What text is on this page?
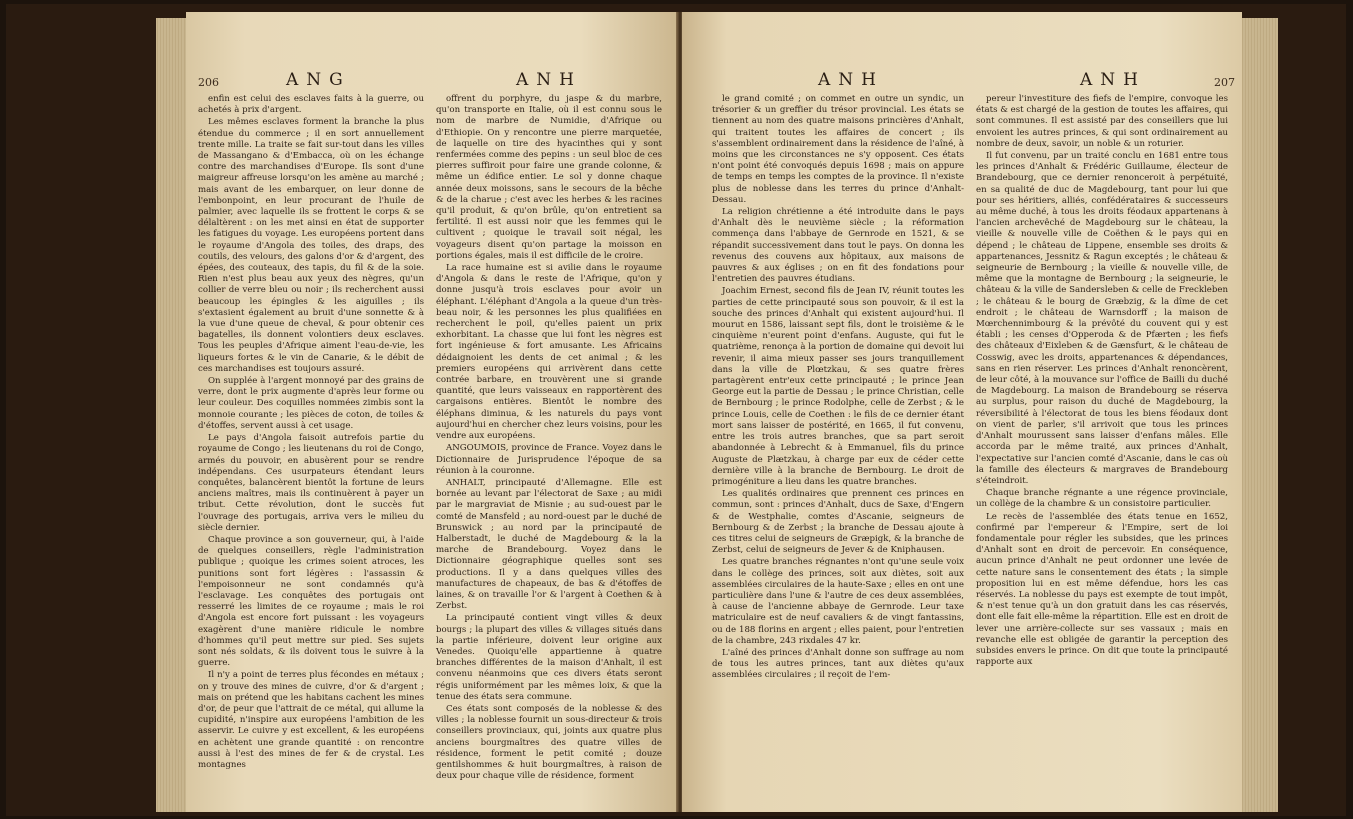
206	ANG	ANH

enfin est celui des esclaves faits à la guerre, ou achetés à prix d'argent.

Les mêmes esclaves forment la branche la plus étendue du commerce ; il en sort annuellement trente mille. La traite se fait sur-tout dans les villes de Massangano & d'Embacca, où on les échange contre des marchandises d'Europe. Ils sont d'une maigreur affreuse lorsqu'on les amène au marché ; mais avant de les embarquer, on leur donne de l'embonpoint, en leur procurant de l'huile de palmier, avec laquelle ils se frottent le corps & se délaltèrent : on les met ainsi en état de supporter les fatigues du voyage. Les européens portent dans le royaume d'Angola des toiles, des draps, des coutils, des velours, des galons d'or & d'argent, des épées, des couteaux, des tapis, du fil & de la soie. Rien n'est plus beau aux yeux des nègres, qu'un collier de verre bleu ou noir ; ils recherchent aussi beaucoup les épingles & les aiguilles ; ils s'extasient également au bruit d'une sonnette & à la vue d'une queue de cheval, & pour obtenir ces bagatelles, ils donnent volontiers deux esclaves. Tous les peuples d'Afrique aiment l'eau-de-vie, les liqueurs fortes & le vin de Canarie, & le débit de ces marchandises est toujours assuré.

On supplée à l'argent monnoyé par des grains de verre, dont le prix augmente d'après leur forme ou leur couleur. Des coquilles nommées zimbis sont la monnoie courante ; les pièces de coton, de toiles & d'étoffes, servent aussi à cet usage.

Le pays d'Angola faisoit autrefois partie du royaume de Congo ; les lieutenans du roi de Congo, armés du pouvoir, en abusèrent pour se rendre indépendans. Ces usurpateurs étendant leurs conquêtes, balancèrent bientôt la fortune de leurs anciens maîtres, mais ils continuèrent à payer un tribut. Cette révolution, dont le succès fut l'ouvrage des portugais, arriva vers le milieu du siècle dernier.

Chaque province a son gouverneur, qui, à l'aide de quelques conseillers, règle l'administration publique ; quoique les crimes soient atroces, les punitions sont fort légères : l'assassin & l'empoisonneur ne sont condamnés qu'à l'esclavage. Les conquêtes des portugais ont resserré les limites de ce royaume ; mais le roi d'Angola est encore fort puissant : les voyageurs exagèrent d'une manière ridicule le nombre d'hommes qu'il peut mettre sur pied. Ses sujets sont nés soldats, & ils doivent tous le suivre à la guerre.

Il n'y a point de terres plus fécondes en métaux ; on y trouve des mines de cuivre, d'or & d'argent ; mais on prétend que les habitans cachent les mines d'or, de peur que l'attrait de ce métal, qui allume la cupidité, n'inspire aux européens l'ambition de les asservir. Le cuivre y est excellent, & les européens en achètent une grande quantité : on rencontre aussi à l'est des mines de fer & de crystal. Les montagnes

offrent du porphyre, du jaspe & du marbre, qu'on transporte en Italie, où il est connu sous le nom de marbre de Numidie, d'Afrique ou d'Ethiopie. On y rencontre une pierre marquetée, de laquelle on tire des hyacinthes qui y sont renfermées comme des pepins : un seul bloc de ces pierres suffiroit pour faire une grande colonne, & même un édifice entier. Le sol y donne chaque année deux moissons, sans le secours de la bêche & de la charue ; c'est avec les herbes & les racines qu'il produit, & qu'on brûle, qu'on entretient sa fertilité. Il est aussi noir que les femmes qui le cultivent ; quoique le travail soit négal, les voyageurs disent qu'on partage la moisson en portions égales, mais il est difficile de le croire.

La race humaine est si avilie dans le royaume d'Angola & dans le reste de l'Afrique, qu'on y donne jusqu'à trois esclaves pour avoir un éléphant. L'éléphant d'Angola a la queue d'un très-beau noir, & les personnes les plus qualifiées en recherchent le poil, qu'elles paient un prix exhorbitant. La chasse que lui font les nègres est fort ingénieuse & fort amusante. Les Africains dédaignoient les dents de cet animal ; & les premiers européens qui arrivèrent dans cette contrée barbare, en trouvèrent une si grande quantité, que leurs vaisseaux en rapportèrent des cargaisons entières. Bientôt le nombre des éléphans diminua, & les naturels du pays vont aujourd'hui en chercher chez leurs voisins, pour les vendre aux européens.

ANGOUMOIS, province de France. Voyez dans le Dictionnaire de Jurisprudence l'époque de sa réunion à la couronne.

ANHALT, principauté d'Allemagne. Elle est bornée au levant par l'électorat de Saxe ; au midi par le margraviat de Misnie ; au sud-ouest par le comté de Mansfeld ; au nord-ouest par le duché de Brunswick ; au nord par la principauté de Halberstadt, le duché de Magdebourg & la la marche de Brandebourg. Voyez dans le Dictionnaire géographique quelles sont ses productions. Il y a dans quelques villes des manufactures de chapeaux, de bas & d'étoffes de laines, & on travaille l'or & l'argent à Coethen & à Zerbst.

La principauté contient vingt villes & deux bourgs ; la plupart des villes & villages situés dans la partie inférieure, doivent leur origine aux Venedes. Quoiqu'elle appartienne à quatre branches différentes de la maison d'Anhalt, il est convenu néanmoins que ces divers états seront régis uniformément par les mêmes loix, & que la tenue des états sera commune.

Ces états sont composés de la noblesse & des villes ; la noblesse fournit un sous-directeur & trois conseillers provinciaux, qui, joints aux quatre plus anciens bourgmaîtres des quatre villes de résidence, forment le petit comité ; douze gentilshommes & huit bourgmaîtres, à raison de deux pour chaque ville de résidence, forment

ANH	ANH	207

le grand comité ; on commet en outre un syndic, un trésorier & un greffier du trésor provincial. Les états se tiennent au nom des quatre maisons princières d'Anhalt, qui traitent toutes les affaires de concert ; ils s'assemblent ordinairement dans la résidence de l'aîné, à moins que les circonstances ne s'y opposent. Ces états n'ont point été convoqués depuis 1698 ; mais on appure de temps en temps les comptes de la province. Il n'existe plus de noblesse dans les terres du prince d'Anhalt-Dessau.

La religion chrétienne a été introduite dans le pays d'Anhalt dès le neuvième siècle ; la réformation commença dans l'abbaye de Gernrode en 1521, & se répandit successivement dans tout le pays. On donna les revenus des couvens aux hôpitaux, aux maisons de pauvres & aux églises ; on en fit des fondations pour l'entretien des pauvres étudians.

Joachim Ernest, second fils de Jean IV, réunit toutes les parties de cette principauté sous son pouvoir, & il est la souche des princes d'Anhalt qui existent aujourd'hui. Il mourut en 1586, laissant sept fils, dont le troisième & le cinquième n'eurent point d'enfans. Auguste, qui fut le quatrième, renonça à la portion de domaine qui devoit lui revenir, il aima mieux passer ses jours tranquillement dans la ville de Plœtzkau, & ses quatre frères partagèrent entr'eux cette principauté ; le prince Jean George eut la partie de Dessau ; le prince Christian, celle de Bernbourg ; le prince Rodolphe, celle de Zerbst ; & le prince Louis, celle de Coethen : le fils de ce dernier étant mort sans laisser de postérité, en 1665, il fut convenu, entre les trois autres branches, que sa part seroit abandonnée à Lebrecht & à Emmanuel, fils du prince Auguste de Plætzkau, à charge par eux de céder cette dernière ville à la branche de Bernbourg. Le droit de primogéniture a lieu dans les quatre branches.

Les qualités ordinaires que prennent ces princes en commun, sont : princes d'Anhalt, ducs de Saxe, d'Engern & de Westphalie, comtes d'Ascanie, seigneurs de Bernbourg & de Zerbst ; la branche de Dessau ajoute à ces titres celui de seigneurs de Græpigk, & la branche de Zerbst, celui de seigneurs de Jever & de Kniphausen.

Les quatre branches régnantes n'ont qu'une seule voix dans le collège des princes, soit aux diètes, soit aux assemblées circulaires de la haute-Saxe ; elles en ont une particulière dans l'une & l'autre de ces deux assemblées, à cause de l'ancienne abbaye de Gernrode. Leur taxe matriculaire est de neuf cavaliers & de vingt fantassins, ou de 188 florins en argent ; elles paient, pour l'entretien de la chambre, 243 rixdales 47 kr.

L'aîné des princes d'Anhalt donne son suffrage au nom de tous les autres princes, tant aux diètes qu'aux assemblées circulaires ; il reçoit de l'em-

pereur l'investiture des fiefs de l'empire, convoque les états & est chargé de la gestion de toutes les affaires, qui sont communes. Il est assisté par des conseillers que lui envoient les autres princes, & qui sont ordinairement au nombre de deux, savoir, un noble & un roturier.

Il fut convenu, par un traité conclu en 1681 entre tous les princes d'Anhalt & Frédéric Guillaume, électeur de Brandebourg, que ce dernier renonceroit à perpétuité, en sa qualité de duc de Magdebourg, tant pour lui que pour ses héritiers, alliés, confédérataires & successeurs au même duché, à tous les droits féodaux appartenans à l'ancien archevêché de Magdebourg sur le château, la vieille & nouvelle ville de Coëthen & le pays qui en dépend ; le château de Lippene, ensemble ses droits & appartenances, Jessnitz & Ragun exceptés ; le château & seigneurie de Bernbourg ; la vieille & nouvelle ville, de même que la montagne de Bernbourg ; la seigneurie, le château & la ville de Sandersleben & celle de Freckleben ; le château & le bourg de Græbzig, & la dîme de cet endroit ; le château de Warnsdorff ; la maison de Mœrchennimbourg & la prévôté du couvent qui y est établi ; les censes d'Opperoda & de Pfærten ; les fiefs des châteaux d'Eixleben & de Gænsfurt, & le château de Cosswig, avec les droits, appartenances & dépendances, sans en rien réserver. Les princes d'Anhalt renoncèrent, de leur côté, à la mouvance sur l'office de Bailli du duché de Magdebourg. La maison de Brandebourg se réserva au surplus, pour raison du duché de Magdebourg, la réversibilité à l'électorat de tous les biens féodaux dont on vient de parler, s'il arrivoit que tous les princes d'Anhalt mourussent sans laisser d'enfans mâles. Elle accorda par le même traité, aux princes d'Anhalt, l'expectative sur l'ancien comté d'Ascanie, dans le cas où la famille des électeurs & margraves de Brandebourg s'éteindroit.

Chaque branche régnante a une régence provinciale, un collège de la chambre & un consistoire particulier.

Le recès de l'assemblée des états tenue en 1652, confirmé par l'empereur & l'Empire, sert de loi fondamentale pour régler les subsides, que les princes d'Anhalt sont en droit de percevoir. En conséquence, aucun prince d'Anhalt ne peut ordonner une levée de cette nature sans le consentement des états ; la simple proposition lui en est même défendue, hors les cas réservés. La noblesse du pays est exempte de tout impôt, & n'est tenue qu'à un don gratuit dans les cas réservés, dont elle fait elle-même la répartition. Elle est en droit de lever une arrière-collecte sur ses vassaux ; mais en revanche elle est obligée de garantir la perception des subsides envers le prince. On dit que toute la principauté rapporte aux
